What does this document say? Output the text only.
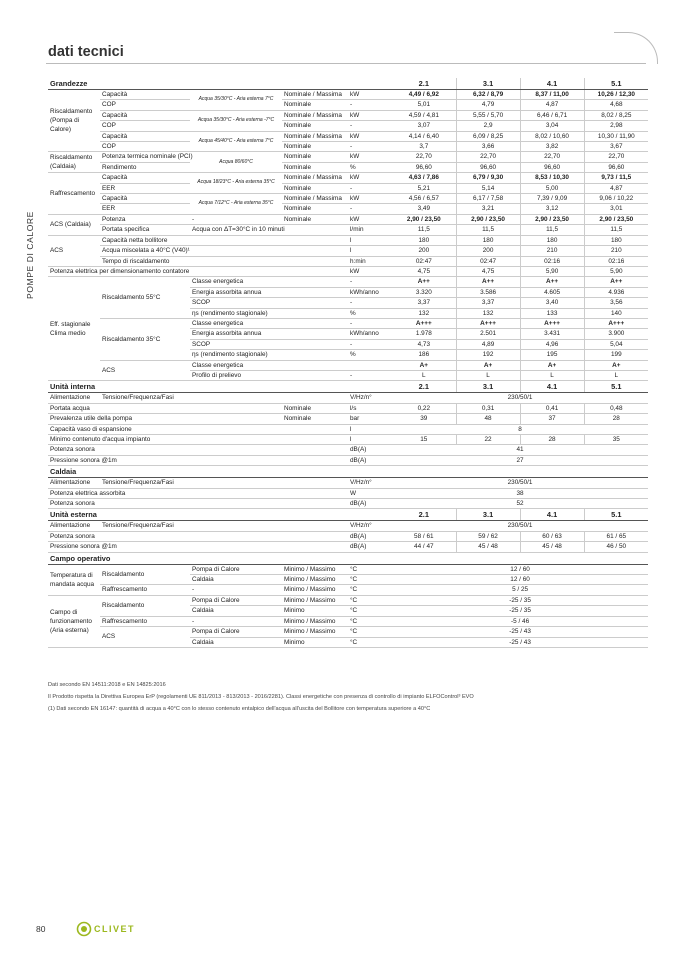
dati tecnici
POMPE DI CALORE
Grandezze					2.1	3.1	4.1	5.1
Riscaldamento (Pompa di Calore)	Capacità	Acqua 35/30°C - Aria esterna 7°C	Nominale / Massima	kW	4,49 / 6,92	6,32 / 8,79	8,37 / 11,00	10,26 / 12,30
	COP		Nominale	-	5,01	4,79	4,87	4,68
	Capacità	Acqua 35/30°C - Aria esterna -7°C	Nominale / Massima	kW	4,59 / 4,81	5,55 / 5,70	6,46 / 6,71	8,02 / 8,25
	COP		Nominale	-	3,07	2,9	3,04	2,98
	Capacità	Acqua 45/40°C - Aria esterna 7°C	Nominale / Massima	kW	4,14 / 6,40	6,09 / 8,25	8,02 / 10,60	10,30 / 11,90
	COP		Nominale	-	3,7	3,66	3,82	3,67
Riscaldamento (Caldaia)	Potenza termica nominale (PCI)	Acqua 80/60°C	Nominale	kW	22,70	22,70	22,70	22,70
	Rendimento		Nominale	%	96,60	96,60	96,60	96,60
Raffrescamento	Capacità	Acqua 18/23°C - Aria esterna 35°C	Nominale / Massima	kW	4,63 / 7,86	6,79 / 9,30	8,53 / 10,30	9,73 / 11,5
	EER		Nominale	-	5,21	5,14	5,00	4,87
	Capacità	Acqua 7/12°C - Aria esterna 35°C	Nominale / Massima	kW	4,56 / 6,57	6,17 / 7,58	7,39 / 9,09	9,06 / 10,22
	EER		Nominale	-	3,49	3,21	3,12	3,01
ACS (Caldaia)	Potenza	-	Nominale	kW	2,90 / 23,50	2,90 / 23,50	2,90 / 23,50	2,90 / 23,50
	Portata specifica	Acqua con ΔT=30°C in 10 minuti		l/min	11,5	11,5	11,5	11,5
ACS	Capacità netta bollitore			l	180	180	180	180
	Acqua miscelata a 40°C (V40)¹			l	200	200	210	210
	Tempo di riscaldamento			h:min	02:47	02:47	02:16	02:16
Potenza elettrica per dimensionamento contatore				kW	4,75	4,75	5,90	5,90
Eff. stagionale Clima medio	Riscaldamento 55°C	Classe energetica		-	A++	A++	A++	A++
		Energia assorbita annua		kWh/anno	3.320	3.586	4.605	4.936
		SCOP		-	3,37	3,37	3,40	3,56
		ηs (rendimento stagionale)		%	132	132	133	140
	Riscaldamento 35°C	Classe energetica		-	A+++	A+++	A+++	A+++
		Energia assorbita annua		kWh/anno	1.978	2.501	3.431	3.900
		SCOP		-	4,73	4,89	4,96	5,04
		ηs (rendimento stagionale)		%	186	192	195	199
	ACS	Classe energetica			A+	A+	A+	A+
		Profilo di prelievo		-	L	L	L	L
Unità interna					2.1	3.1	4.1	5.1
Alimentazione	Tensione/Frequenza/Fasi			V/Hz/n°	230/50/1			
Portata acqua			Nominale	l/s	0,22	0,31	0,41	0,48
Prevalenza utile della pompa			Nominale	bar	39	48	37	28
Capacità vaso di espansione				l	8			
Minimo contenuto d'acqua impianto				l	15	22	28	35
Potenza sonora				dB(A)	41			
Pressione sonora @1m				dB(A)	27			
Caldaia								
Alimentazione	Tensione/Frequenza/Fasi			V/Hz/n°	230/50/1			
Potenza elettrica assorbita				W	38			
Potenza sonora				dB(A)	52			
Unità esterna					2.1	3.1	4.1	5.1
Alimentazione	Tensione/Frequenza/Fasi			V/Hz/n°	230/50/1			
Potenza sonora				dB(A)	58 / 61	59 / 62	60 / 63	61 / 65
Pressione sonora @1m				dB(A)	44 / 47	45 / 48	45 / 48	46 / 50
Campo operativo								
Temperatura di mandata acqua	Riscaldamento	Pompa di Calore	Minimo / Massimo	°C	12 / 60			
		Caldaia	Minimo / Massimo	°C	12 / 60			
	Raffrescamento	-	Minimo / Massimo	°C	5 / 25			
Campo di funzionamento (Aria esterna)	Riscaldamento	Pompa di Calore	Minimo / Massimo	°C	-25 / 35			
		Caldaia	Minimo	°C	-25 / 35			
	Raffrescamento	-	Minimo / Massimo	°C	-5 / 46			
	ACS	Pompa di Calore	Minimo / Massimo	°C	-25 / 43			
		Caldaia	Minimo	°C	-25 / 43			
Dati secondo EN 14511:2018 e EN 14825:2016
Il Prodotto rispetta la Direttiva Europea ErP (regolamenti UE 811/2013 - 813/2013 - 2016/2281). Classi energetiche con presenza di controllo di impianto ELFOControl³ EVO
(1) Dati secondo EN 16147: quantità di acqua a 40°C con lo stesso contenuto entalpico dell'acqua all'uscita del Bollitore con temperatura superiore a 40°C
80	CLIVET
